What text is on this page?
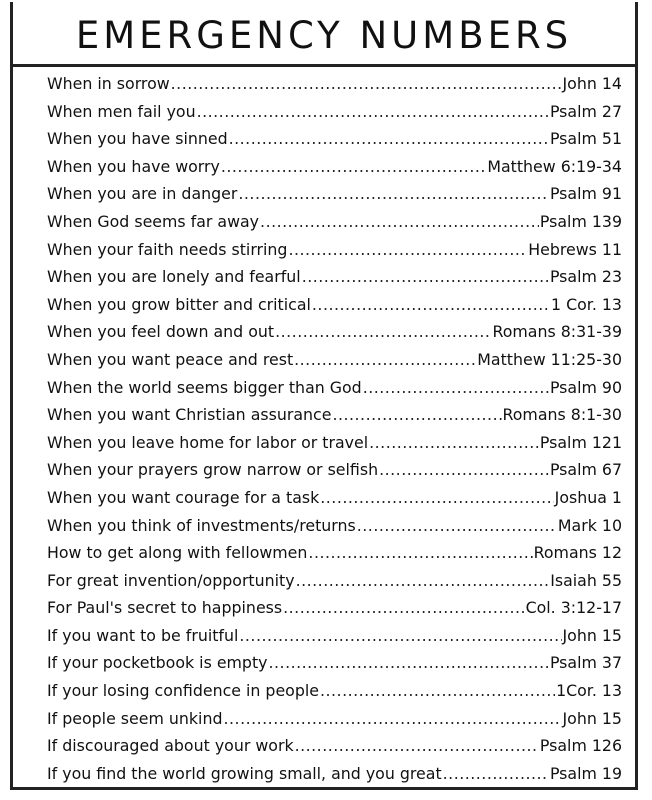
EMERGENCY NUMBERS
When in sorrow .....	John 14
When men fail you .....	Psalm 27
When you have sinned .....	Psalm 51
When you have worry .....	Matthew 6:19-34
When you are in danger .....	Psalm 91
When God seems far away .....	Psalm 139
When your faith needs stirring .....	Hebrews 11
When you are lonely and fearful .....	Psalm 23
When you grow bitter and critical .....	1 Cor. 13
When you feel down and out .....	Romans 8:31-39
When you want peace and rest .....	Matthew 11:25-30
When the world seems bigger than God .....	Psalm 90
When you want Christian assurance .....	Romans 8:1-30
When you leave home for labor or travel .....	Psalm 121
When your prayers grow narrow or selfish .....	Psalm 67
When you want courage for a task .....	Joshua 1
When you think of investments/returns .....	Mark 10
How to get along with fellowmen .....	Romans 12
For great invention/opportunity .....	Isaiah 55
For Paul's secret to happiness .....	Col. 3:12-17
If you want to be fruitful .....	John 15
If your pocketbook is empty .....	Psalm 37
If your losing confidence in people .....	1Cor. 13
If people seem unkind .....	John 15
If discouraged about your work .....	Psalm 126
If you find the world growing small, and you great .....	Psalm 19
